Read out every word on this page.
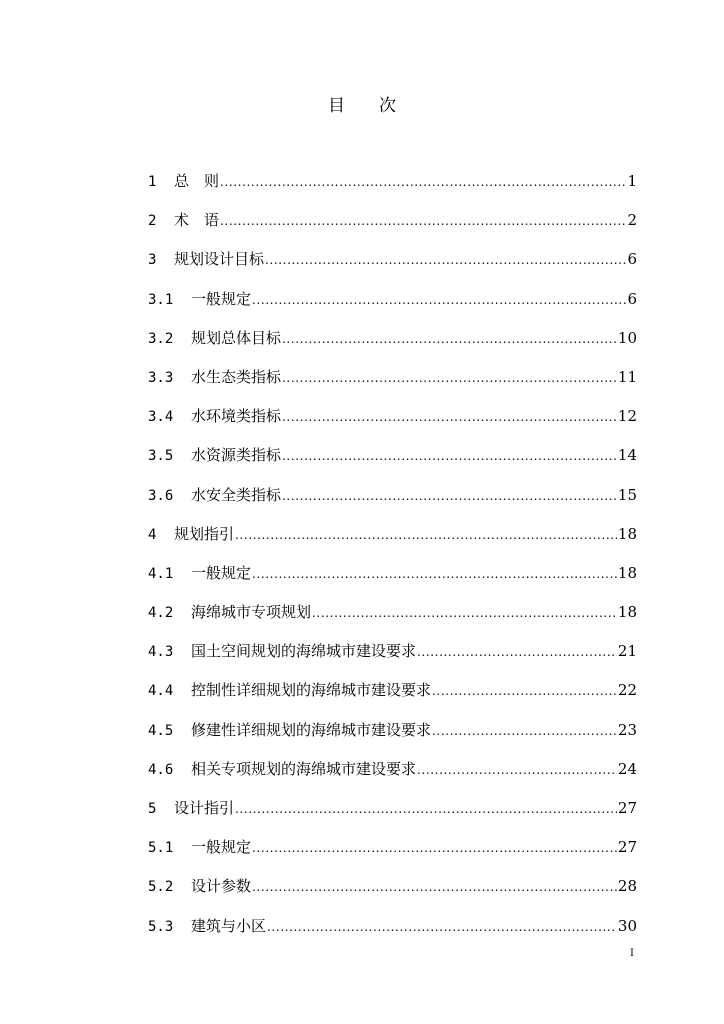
目次
1	总　则 .....	1
2	术　语 .....	2
3	规划设计目标 .....	6
3.1	一般规定 .....	6
3.2	规划总体目标 .....	10
3.3	水生态类指标 .....	11
3.4	水环境类指标 .....	12
3.5	水资源类指标 .....	14
3.6	水安全类指标 .....	15
4	规划指引 .....	18
4.1	一般规定 .....	18
4.2	海绵城市专项规划 .....	18
4.3	国土空间规划的海绵城市建设要求 .....	21
4.4	控制性详细规划的海绵城市建设要求 .....	22
4.5	修建性详细规划的海绵城市建设要求 .....	23
4.6	相关专项规划的海绵城市建设要求 .....	24
5	设计指引 .....	27
5.1	一般规定 .....	27
5.2	设计参数 .....	28
5.3	建筑与小区 .....	30
I
